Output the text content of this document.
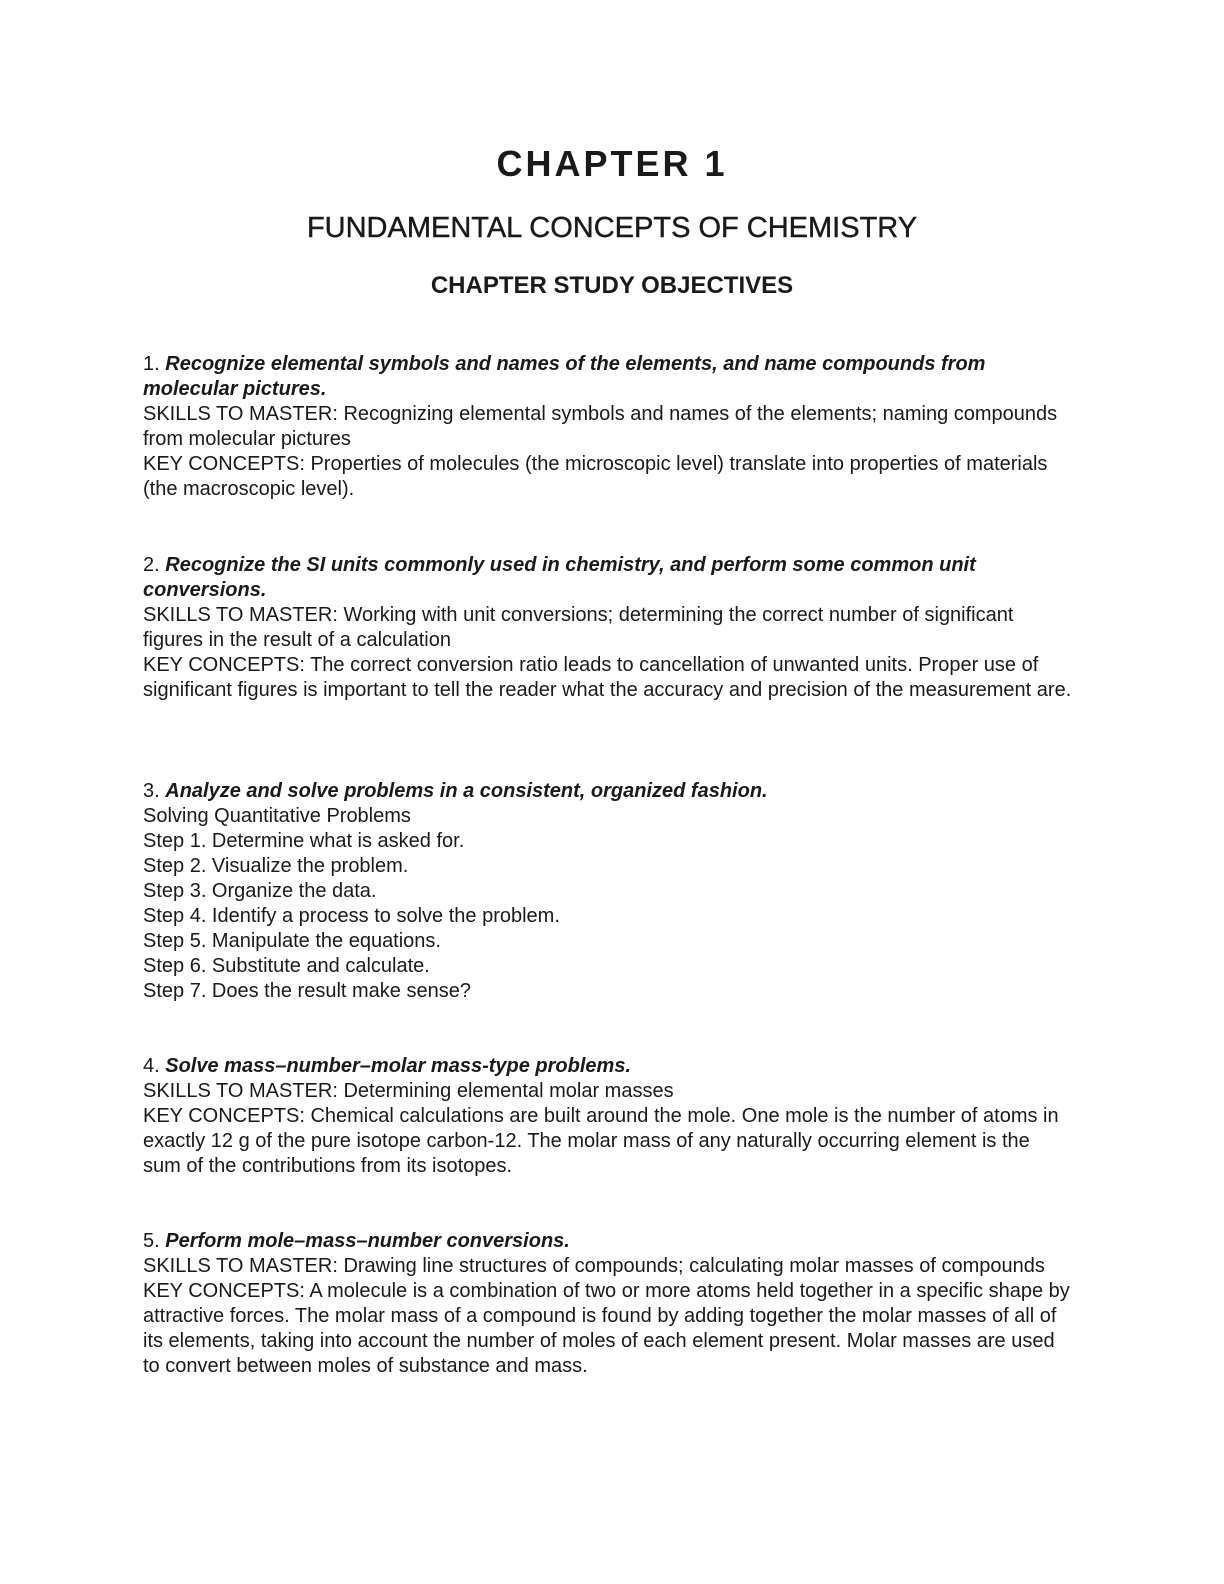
CHAPTER 1
FUNDAMENTAL CONCEPTS OF CHEMISTRY
CHAPTER STUDY OBJECTIVES

1. Recognize elemental symbols and names of the elements, and name compounds from molecular pictures.

SKILLS TO MASTER: Recognizing elemental symbols and names of the elements; naming compounds from molecular pictures

KEY CONCEPTS: Properties of molecules (the microscopic level) translate into properties of materials (the macroscopic level).

2. Recognize the SI units commonly used in chemistry, and perform some common unit conversions.

SKILLS TO MASTER: Working with unit conversions; determining the correct number of significant figures in the result of a calculation

KEY CONCEPTS: The correct conversion ratio leads to cancellation of unwanted units. Proper use of significant figures is important to tell the reader what the accuracy and precision of the measurement are.

3. Analyze and solve problems in a consistent, organized fashion.

Solving Quantitative Problems

Step 1. Determine what is asked for.

Step 2. Visualize the problem.

Step 3. Organize the data.

Step 4. Identify a process to solve the problem.

Step 5. Manipulate the equations.

Step 6. Substitute and calculate.

Step 7. Does the result make sense?

4. Solve mass–number–molar mass-type problems.

SKILLS TO MASTER: Determining elemental molar masses

KEY CONCEPTS: Chemical calculations are built around the mole. One mole is the number of atoms in exactly 12 g of the pure isotope carbon-12. The molar mass of any naturally occurring element is the sum of the contributions from its isotopes.

5. Perform mole–mass–number conversions.

SKILLS TO MASTER: Drawing line structures of compounds; calculating molar masses of compounds

KEY CONCEPTS: A molecule is a combination of two or more atoms held together in a specific shape by attractive forces. The molar mass of a compound is found by adding together the molar masses of all of its elements, taking into account the number of moles of each element present. Molar masses are used to convert between moles of substance and mass.
